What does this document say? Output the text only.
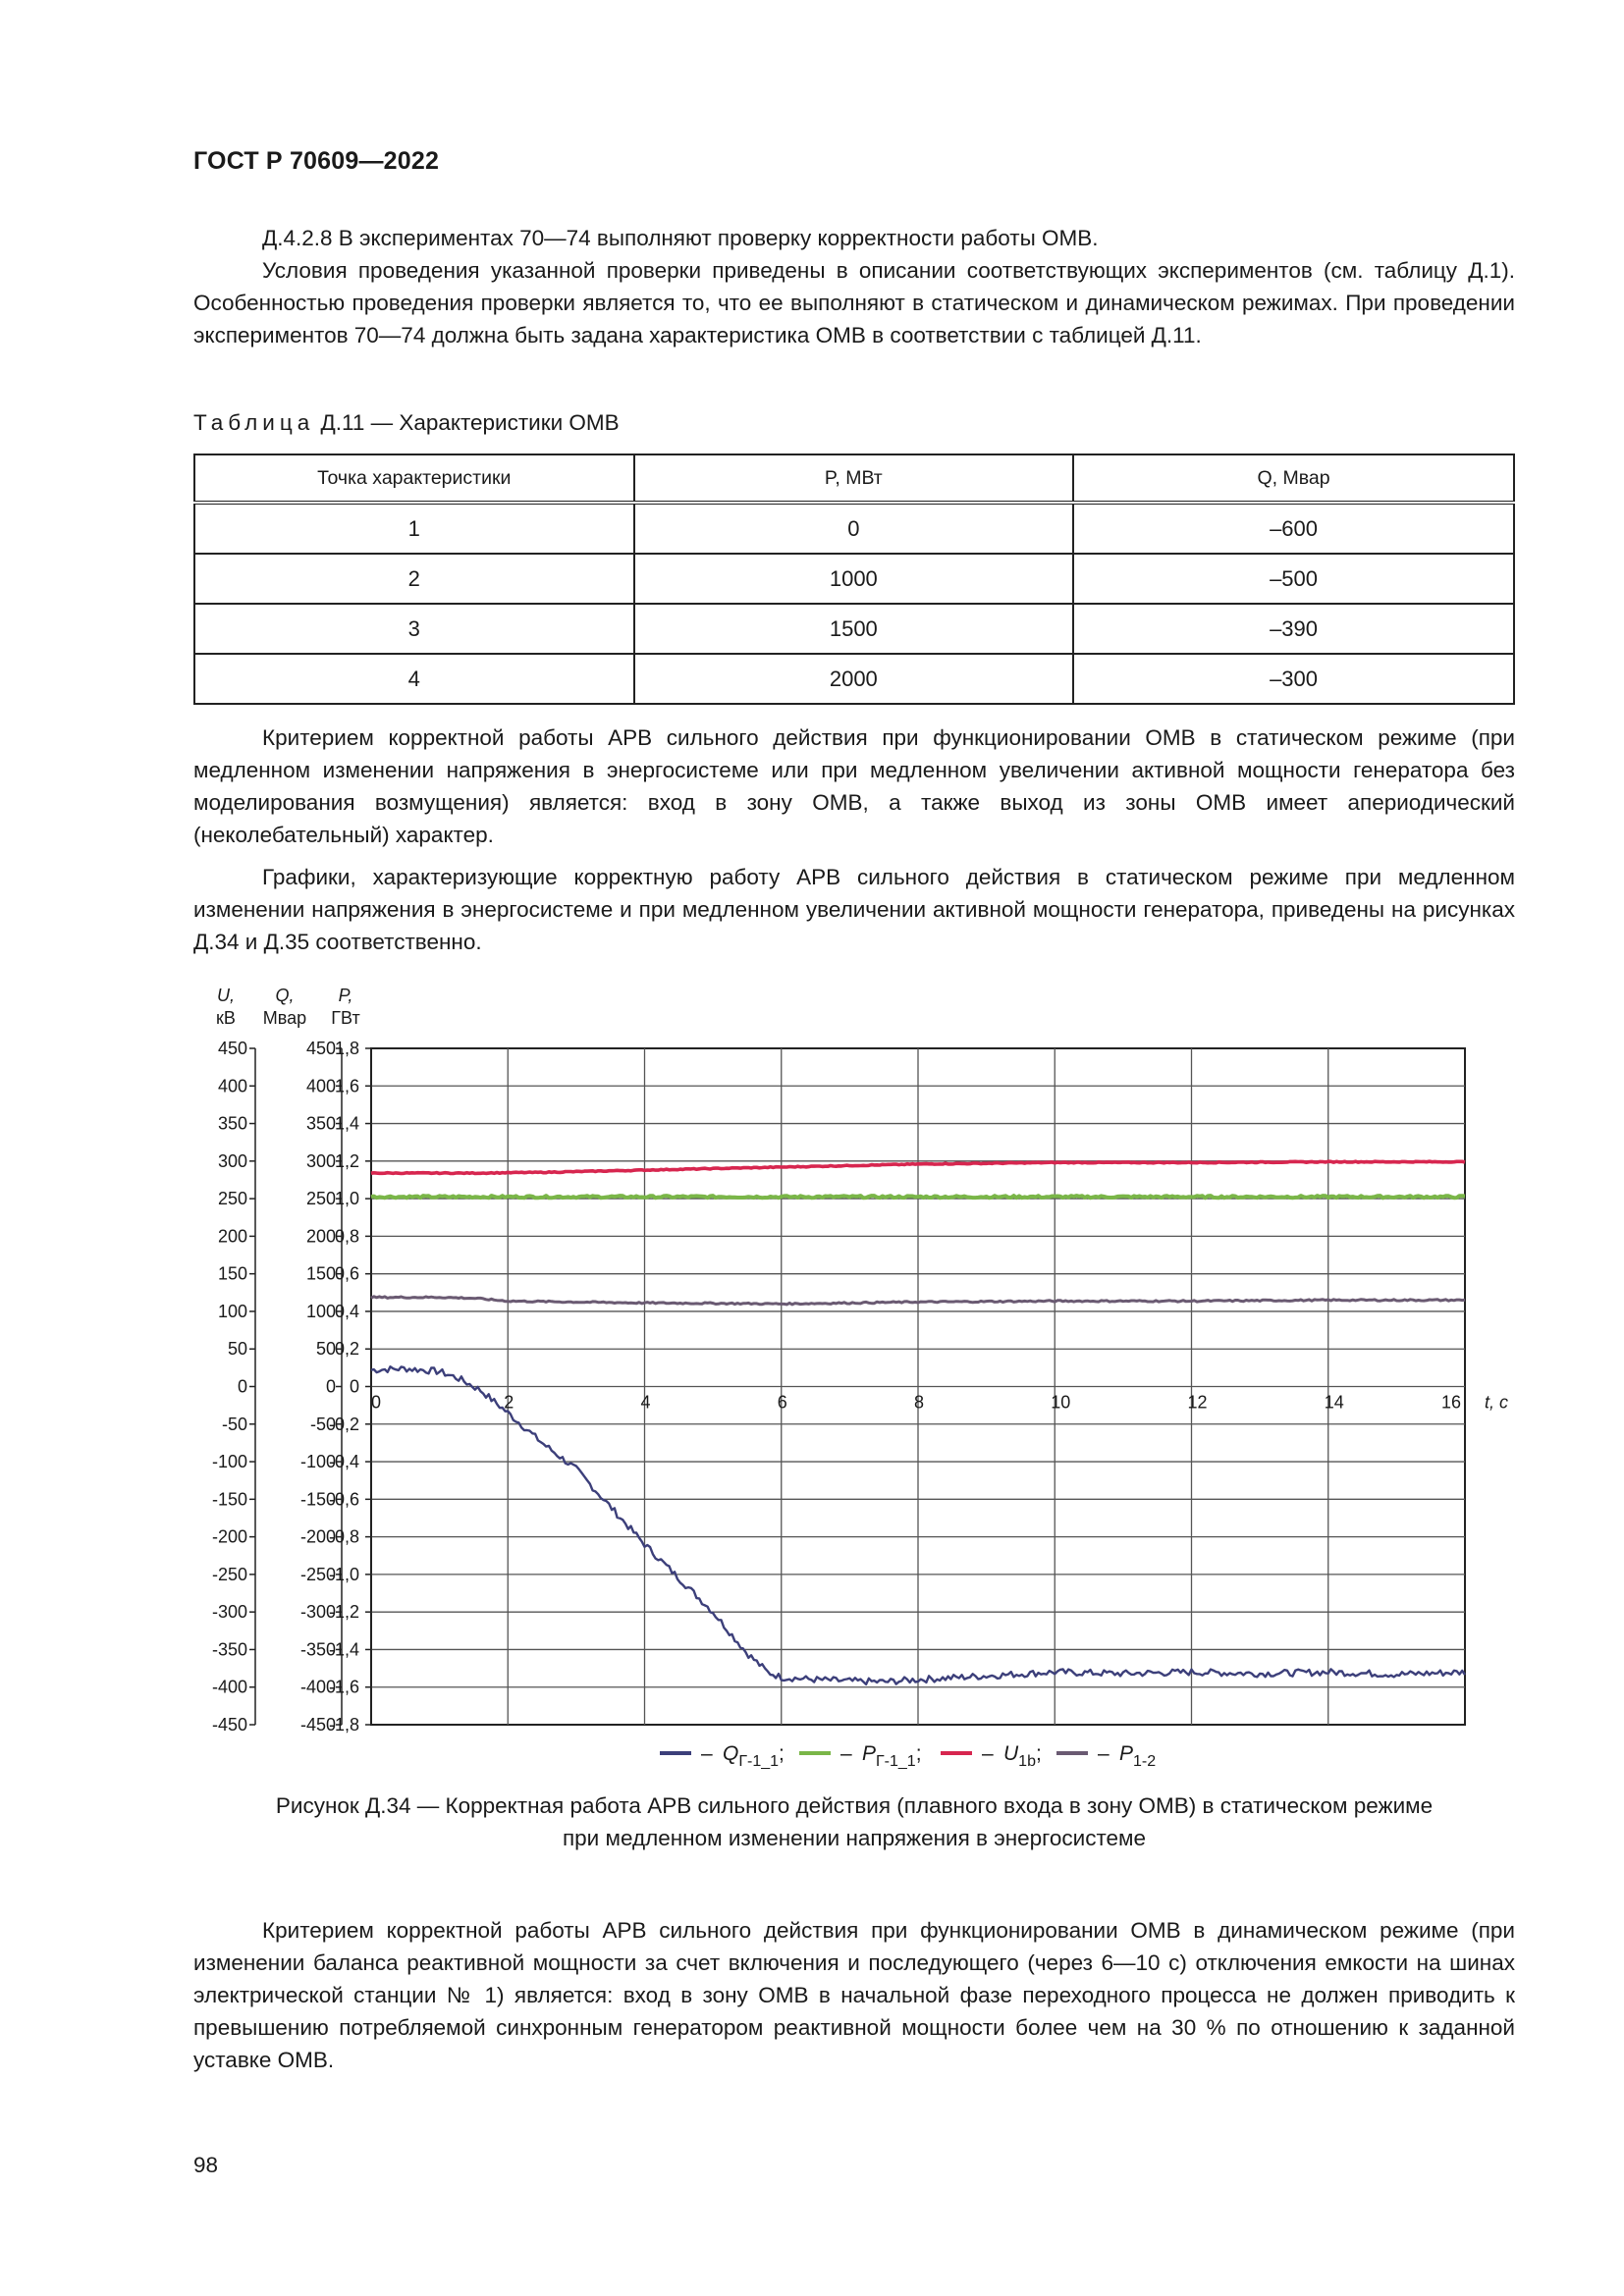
ГОСТ Р 70609—2022

Д.4.2.8 В экспериментах 70—74 выполняют проверку корректности работы ОМВ.

Условия проведения указанной проверки приведены в описании соответствующих экспериментов (см. таблицу Д.1). Особенностью проведения проверки является то, что ее выполняют в статическом и динамическом режимах. При проведении экспериментов 70—74 должна быть задана характеристика ОМВ в соответствии с таблицей Д.11.

Таблица Д.11 — Характеристики ОМВ
Точка характеристики	P, МВт	Q, Мвар
1	0	–600
2	1000	–500
3	1500	–390
4	2000	–300

Критерием корректной работы АРВ сильного действия при функционировании ОМВ в статическом режиме (при медленном изменении напряжения в энергосистеме или при медленном увеличении активной мощности генератора без моделирования возмущения) является: вход в зону ОМВ, а также выход из зоны ОМВ имеет апериодический (неколебательный) характер.

Графики, характеризующие корректную работу АРВ сильного действия в статическом режиме при медленном изменении напряжения в энергосистеме и при медленном увеличении активной мощности генератора, приведены на рисунках Д.34 и Д.35 соответственно.

450
400
350
300
250
200
150
100
50
0
-50
-100
-150
-200
-250
-300
-350
-400
-450
U,
кВ
450
400
350
300
250
200
150
100
50
0
-50
-100
-150
-200
-250
-300
-350
-400
-450
Q,
Мвар
1,8
1,6
1,4
1,2
1,0
0,8
0,6
0,4
0,2
0
-0,2
-0,4
-0,6
-0,8
-1,0
-1,2
-1,4
-1,6
-1,8
P,
ГВт
0	2	4	6	8	10	12	14	16 t, с
– $Q_{Г-1\_1}$;	– $P_{Г-1\_1}$;	– $U_{1b}$;	– $P_{1-2}$
Рисунок Д.34 — Корректная работа АРВ сильного действия (плавного входа в зону ОМВ) в статическом режиме
при медленном изменении напряжения в энергосистеме

Критерием корректной работы АРВ сильного действия при функционировании ОМВ в динамическом режиме (при изменении баланса реактивной мощности за счет включения и последующего (через 6—10 с) отключения емкости на шинах электрической станции № 1) является: вход в зону ОМВ в начальной фазе переходного процесса не должен приводить к превышению потребляемой синхронным генератором реактивной мощности более чем на 30 % по отношению к заданной уставке ОМВ.

98
